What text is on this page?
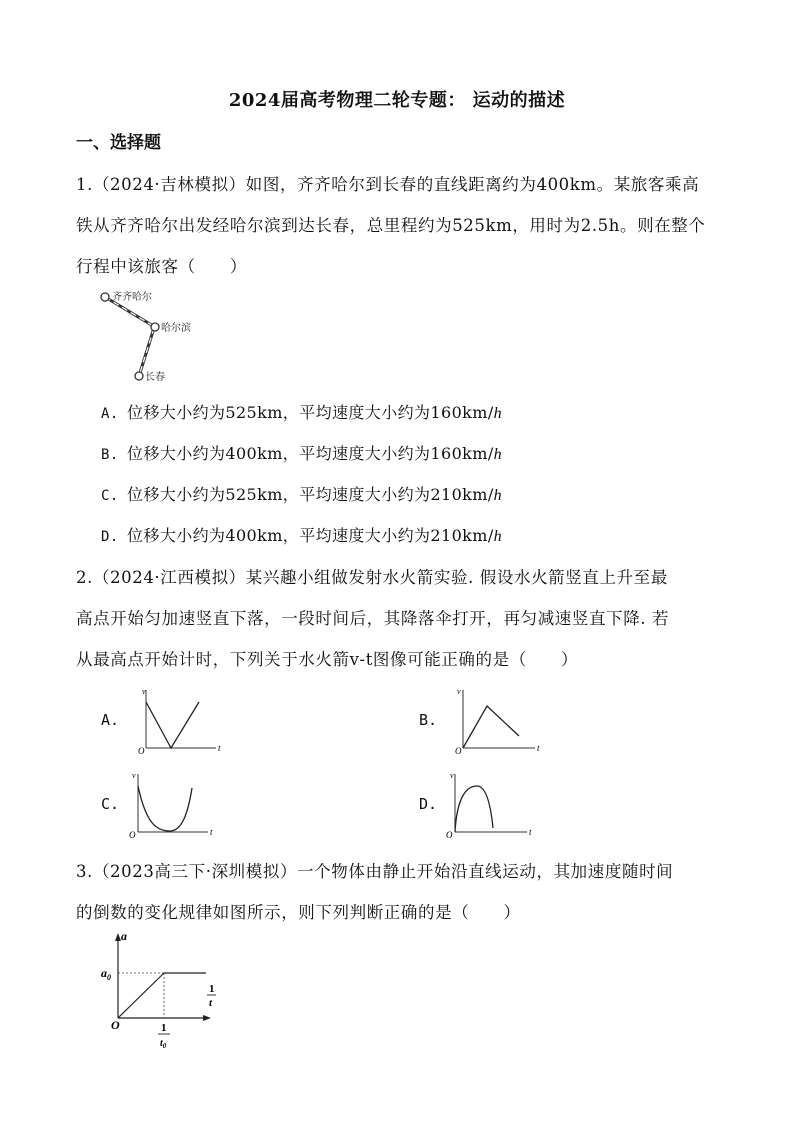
2024届高考物理二轮专题： 运动的描述
一、选择题
1.（2024·吉林模拟）如图，齐齐哈尔到长春的直线距离约为400km。某旅客乘高
铁从齐齐哈尔出发经哈尔滨到达长春，总里程约为525km，用时为2.5h。则在整个
行程中该旅客（　　）
齐齐哈尔
哈尔滨
长春
A. 位移大小约为525km，平均速度大小约为160km/h
B. 位移大小约为400km，平均速度大小约为160km/h
C. 位移大小约为525km，平均速度大小约为210km/h
D. 位移大小约为400km，平均速度大小约为210km/h
2.（2024·江西模拟）某兴趣小组做发射水火箭实验. 假设水火箭竖直上升至最
高点开始匀加速竖直下落，一段时间后，其降落伞打开，再匀减速竖直下降. 若
从最高点开始计时，下列关于水火箭v-t图像可能正确的是（　　）
A.
v
O	t
B.
v
O	t
C.
v
O	t
D.
v
O	t
3.（2023高三下·深圳模拟）一个物体由静止开始沿直线运动，其加速度随时间
的倒数的变化规律如图所示，则下列判断正确的是（　　）
a
$a_0$
O
1
t
1
$t_0$
